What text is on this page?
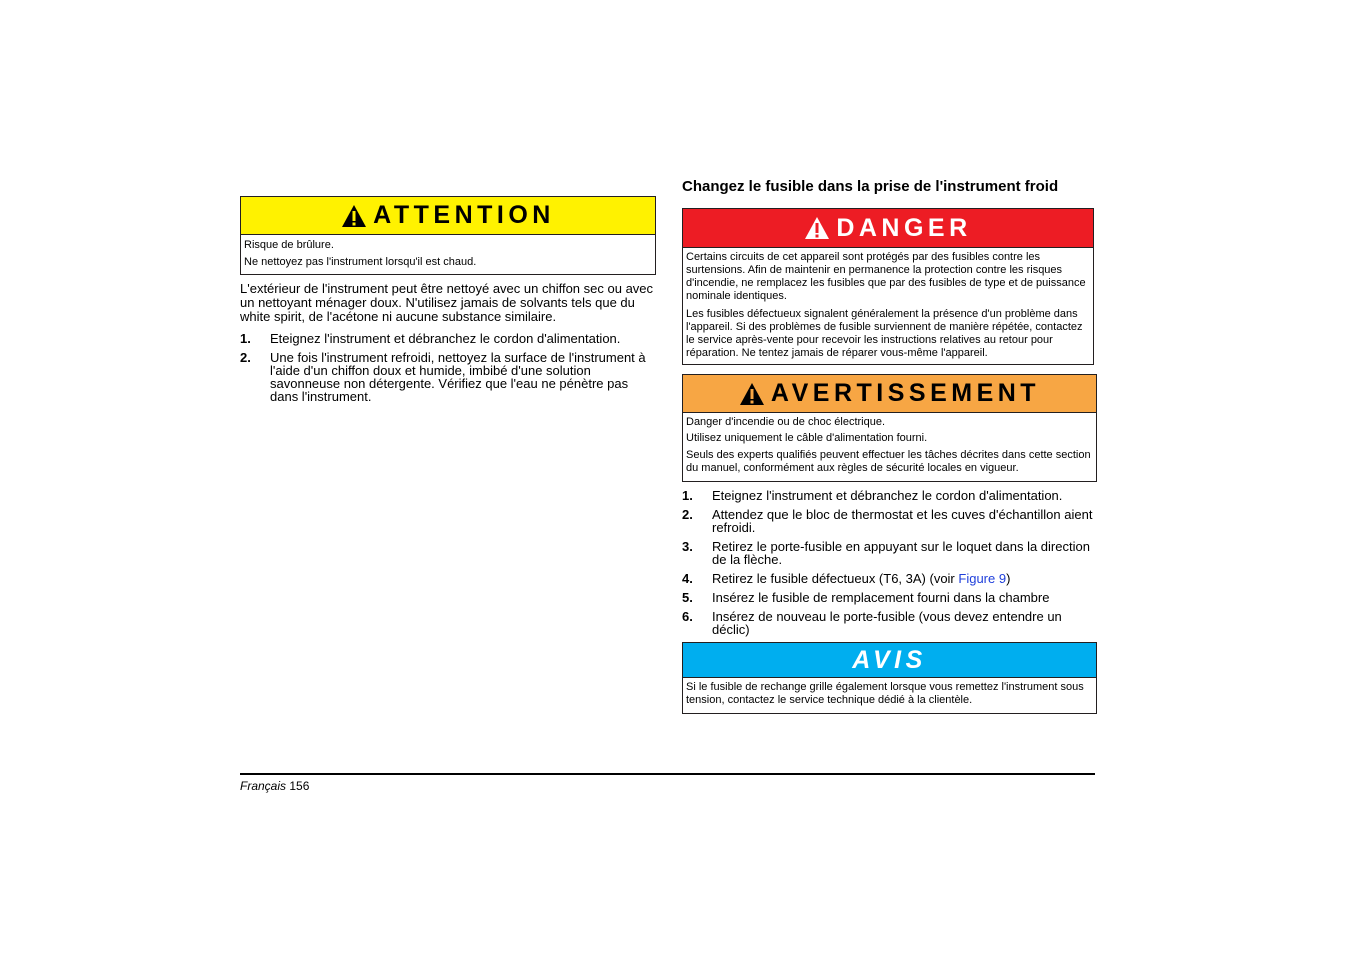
ATTENTION

Risque de brûlure.

Ne nettoyez pas l'instrument lorsqu'il est chaud.

L'extérieur de l'instrument peut être nettoyé avec un chiffon sec ou avec un nettoyant ménager doux. N'utilisez jamais de solvants tels que du white spirit, de l'acétone ni aucune substance similaire.

1.	Eteignez l'instrument et débranchez le cordon d'alimentation.
2.	Une fois l'instrument refroidi, nettoyez la surface de l'instrument à l'aide d'un chiffon doux et humide, imbibé d'une solution savonneuse non détergente. Vérifiez que l'eau ne pénètre pas dans l'instrument.
Changez le fusible dans la prise de l'instrument froid
DANGER

Certains circuits de cet appareil sont protégés par des fusibles contre les surtensions. Afin de maintenir en permanence la protection contre les risques d'incendie, ne remplacez les fusibles que par des fusibles de type et de puissance nominale identiques.

Les fusibles défectueux signalent généralement la présence d'un problème dans l'appareil. Si des problèmes de fusible surviennent de manière répétée, contactez le service après-vente pour recevoir les instructions relatives au retour pour réparation. Ne tentez jamais de réparer vous-même l'appareil.

AVERTISSEMENT

Danger d'incendie ou de choc électrique.

Utilisez uniquement le câble d'alimentation fourni.

Seuls des experts qualifiés peuvent effectuer les tâches décrites dans cette section du manuel, conformément aux règles de sécurité locales en vigueur.

1.	Eteignez l'instrument et débranchez le cordon d'alimentation.
2.	Attendez que le bloc de thermostat et les cuves d'échantillon aient refroidi.
3.	Retirez le porte-fusible en appuyant sur le loquet dans la direction de la flèche.
4.	Retirez le fusible défectueux (T6, 3A) (voir Figure 9)
5.	Insérez le fusible de remplacement fourni dans la chambre
6.	Insérez de nouveau le porte-fusible (vous devez entendre un déclic)
AVIS

Si le fusible de rechange grille également lorsque vous remettez l'instrument sous tension, contactez le service technique dédié à la clientèle.

Français 156
